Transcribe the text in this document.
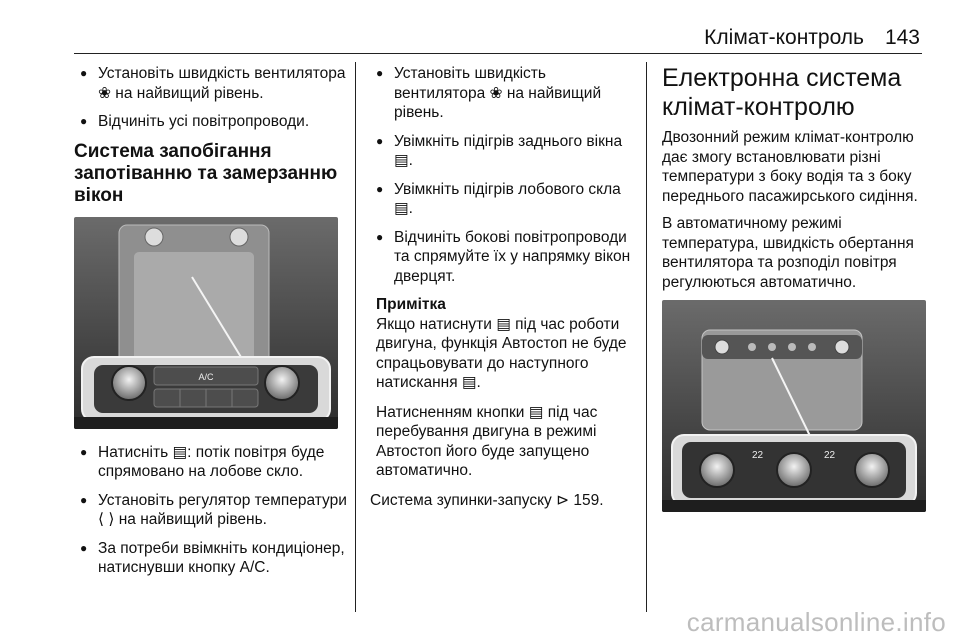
Клімат-контроль 143
● Установіть швидкість вентилятора ❀ на найвищий рівень.
● Відчиніть усі повітропроводи.
Система запобігання запотіванню та замерзанню вікон
A/C
● Натисніть ▤: потік повітря буде спрямовано на лобове скло.
● Установіть регулятор температури ⟨ ⟩ на найвищий рівень.
● За потреби ввімкніть кондиціонер, натиснувши кнопку A/C.
● Установіть швидкість вентилятора ❀ на найвищий рівень.
● Увімкніть підігрів заднього вікна ▤.
● Увімкніть підігрів лобового скла ▤.
● Відчиніть бокові повітропроводи та спрямуйте їх у напрямку вікон дверцят.
Примітка
Якщо натиснути ▤ під час роботи двигуна, функція Автостоп не буде спрацьовувати до наступного натискання ▤.
Натисненням кнопки ▤ під час перебування двигуна в режимі Автостоп його буде запущено автоматично.
Система зупинки-запуску ⊳ 159.
Електронна система клімат-контролю
Двозонний режим клімат-контролю дає змогу встановлювати різні температури з боку водія та з боку переднього пасажирського сидіння.
В автоматичному режимі температура, швидкість обертання вентилятора та розподіл повітря регулюються автоматично.
22	22
carmanualsonline.info
